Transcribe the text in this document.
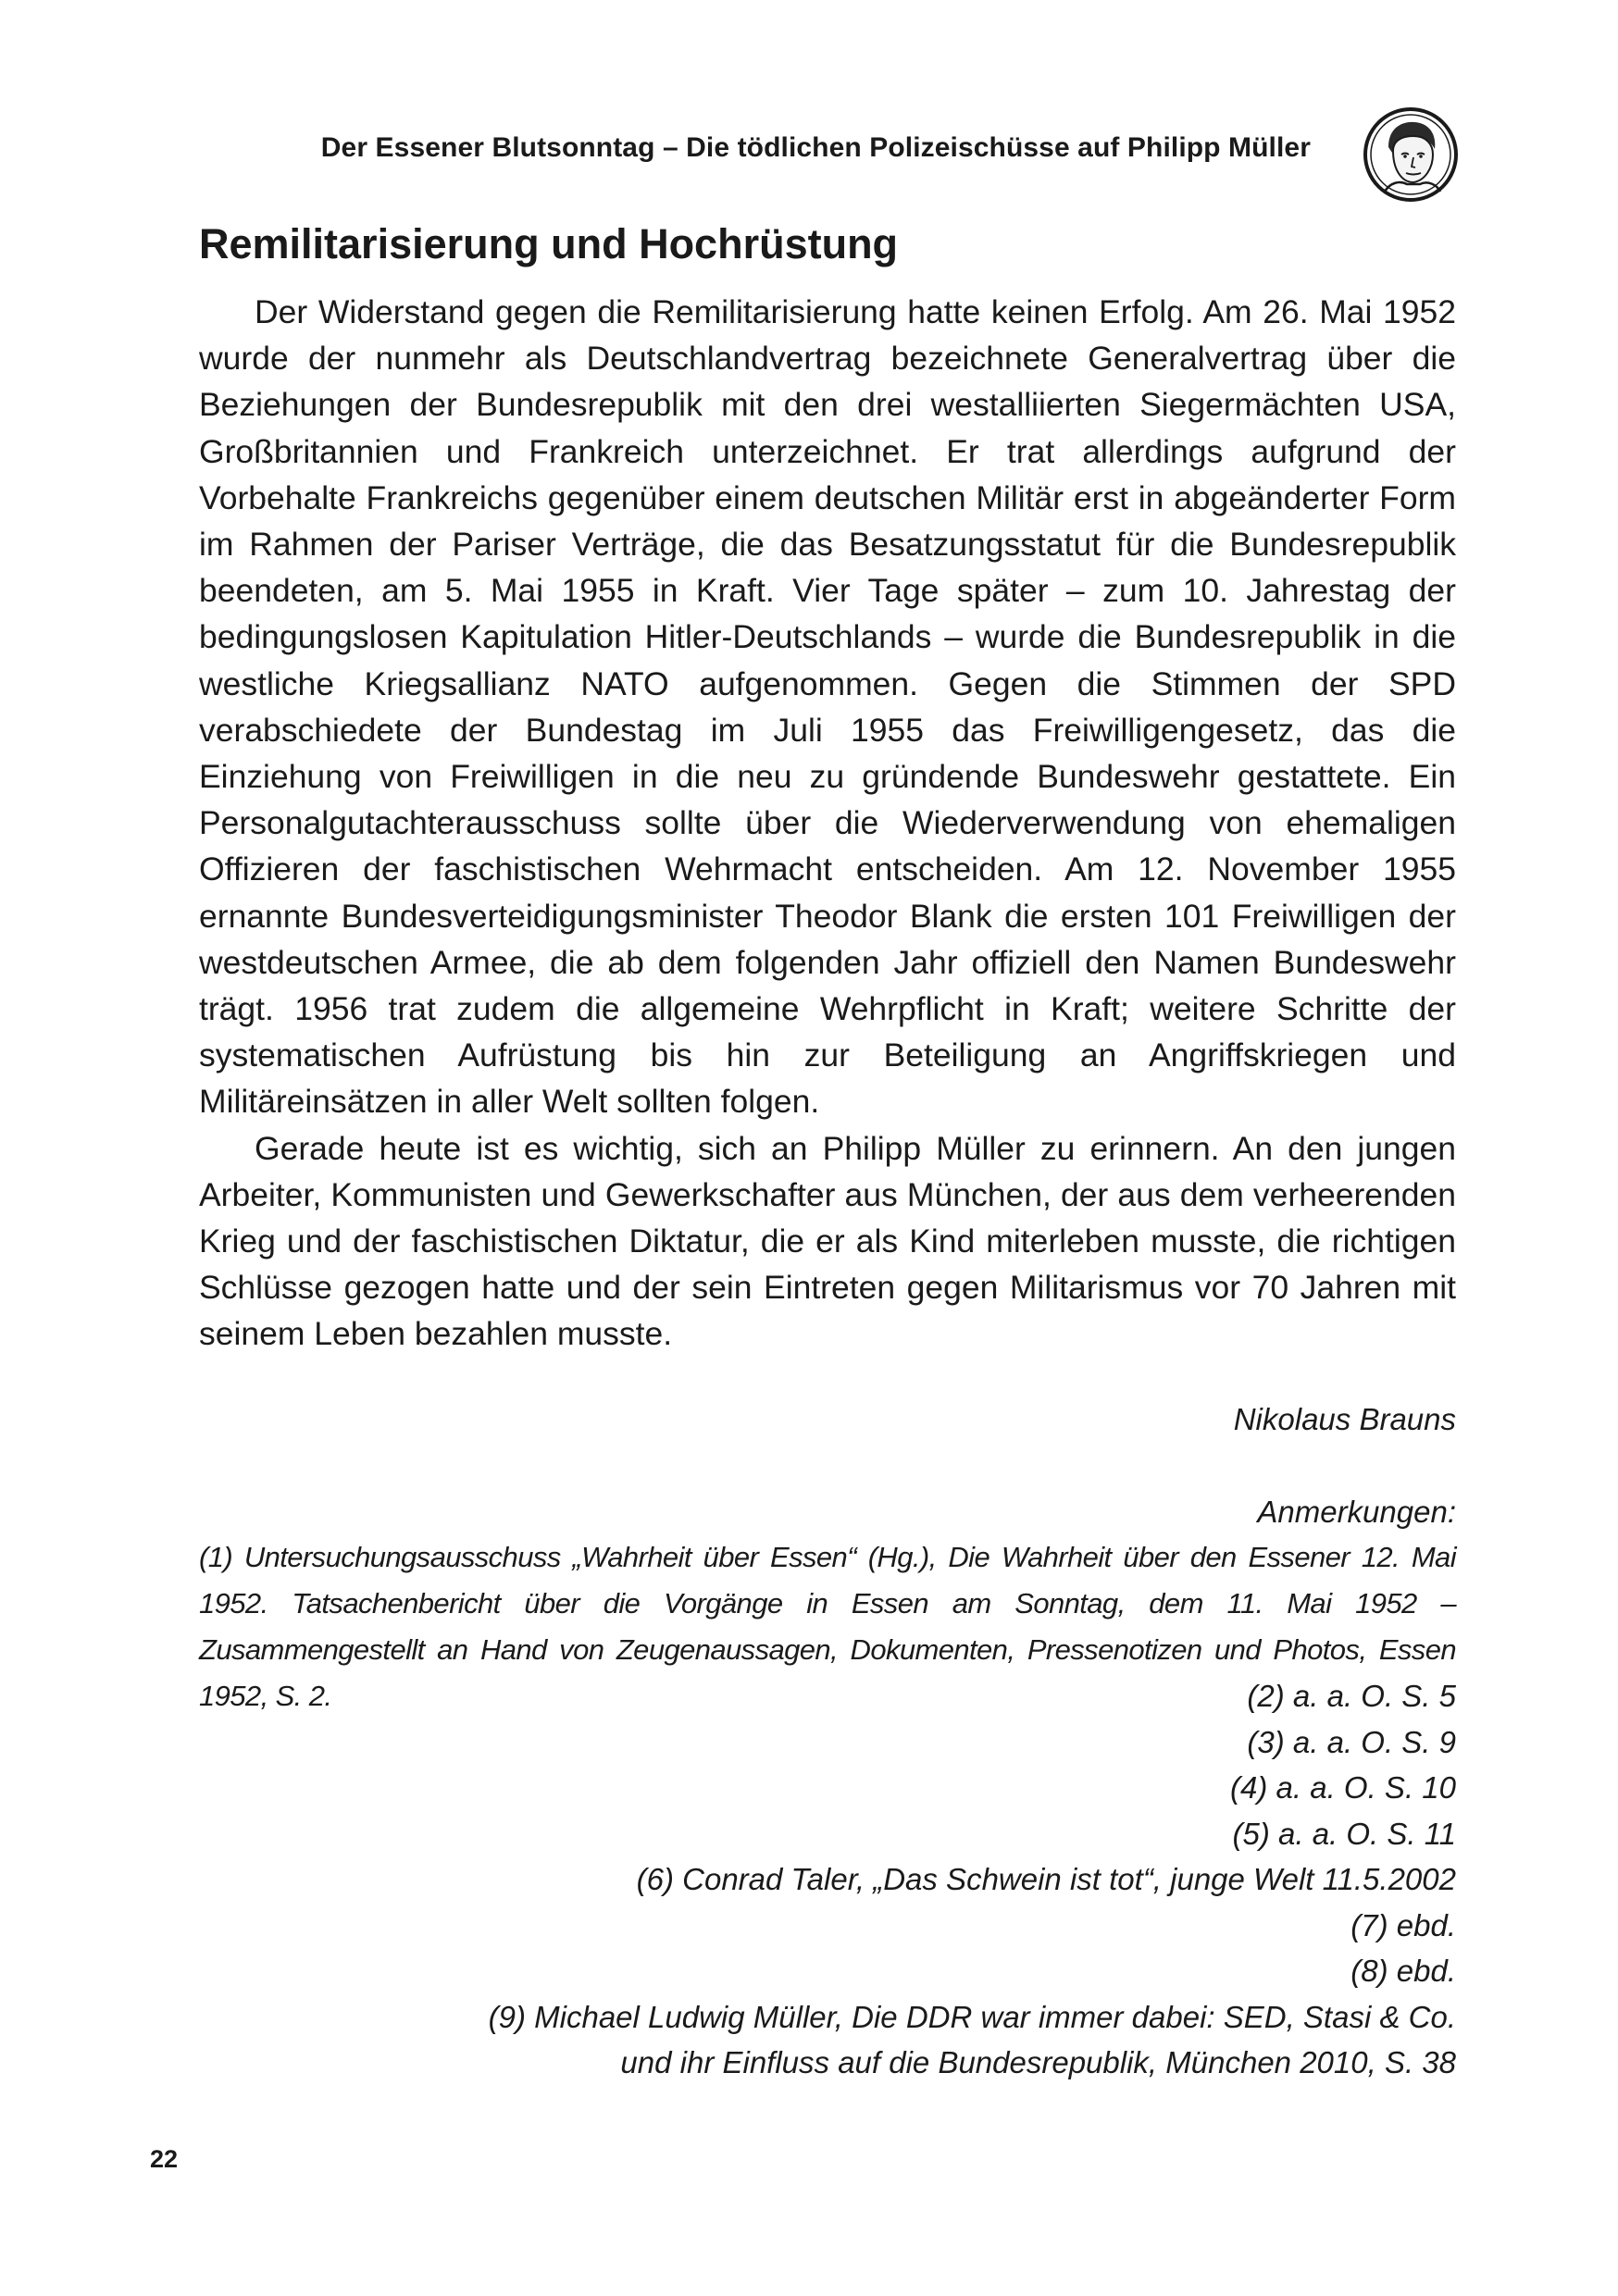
Der Essener Blutsonntag – Die tödlichen Polizeischüsse auf Philipp Müller
Remilitarisierung und Hochrüstung

Der Widerstand gegen die Remilitarisierung hatte keinen Erfolg. Am 26. Mai 1952 wurde der nunmehr als Deutschlandvertrag bezeichnete Generalvertrag über die Beziehungen der Bundesrepublik mit den drei westalliierten Siegermächten USA, Großbritannien und Frankreich unterzeichnet. Er trat allerdings aufgrund der Vorbehalte Frankreichs gegenüber einem deutschen Militär erst in abgeänderter Form im Rahmen der Pariser Verträge, die das Besatzungsstatut für die Bundesrepublik beendeten, am 5. Mai 1955 in Kraft. Vier Tage später – zum 10. Jahrestag der bedingungslosen Kapitulation Hitler-Deutschlands – wurde die Bundesrepublik in die westliche Kriegsallianz NATO aufgenommen. Gegen die Stimmen der SPD verabschiedete der Bundestag im Juli 1955 das Freiwilligengesetz, das die Einziehung von Freiwilligen in die neu zu gründende Bundeswehr gestattete. Ein Personalgutachterausschuss sollte über die Wiederverwendung von ehemaligen Offizieren der faschistischen Wehrmacht entscheiden. Am 12. November 1955 ernannte Bundesverteidigungsminister Theodor Blank die ersten 101 Freiwilligen der westdeutschen Armee, die ab dem folgenden Jahr offiziell den Namen Bundeswehr trägt. 1956 trat zudem die allgemeine Wehrpflicht in Kraft; weitere Schritte der systematischen Aufrüstung bis hin zur Beteiligung an Angriffskriegen und Militäreinsätzen in aller Welt sollten folgen.

Gerade heute ist es wichtig, sich an Philipp Müller zu erinnern. An den jungen Arbeiter, Kommunisten und Gewerkschafter aus München, der aus dem verheerenden Krieg und der faschistischen Diktatur, die er als Kind miterleben musste, die richtigen Schlüsse gezogen hatte und der sein Eintreten gegen Militarismus vor 70 Jahren mit seinem Leben bezahlen musste.

Nikolaus Brauns
Anmerkungen:
(1) Untersuchungsausschuss „Wahrheit über Essen“ (Hg.), Die Wahrheit über den Essener 12. Mai 1952. Tatsachenbericht über die Vorgänge in Essen am Sonntag, dem 11. Mai 1952 – Zusammengestellt an Hand von Zeugenaussagen, Dokumenten, Pressenotizen und Photos, Essen 1952, S. 2.	(2) a. a. O. S. 5
(3) a. a. O. S. 9
(4) a. a. O. S. 10
(5) a. a. O. S. 11
(6) Conrad Taler, „Das Schwein ist tot“, junge Welt 11.5.2002
(7) ebd.
(8) ebd.
(9) Michael Ludwig Müller, Die DDR war immer dabei: SED, Stasi & Co.
und ihr Einfluss auf die Bundesrepublik, München 2010, S. 38
22
